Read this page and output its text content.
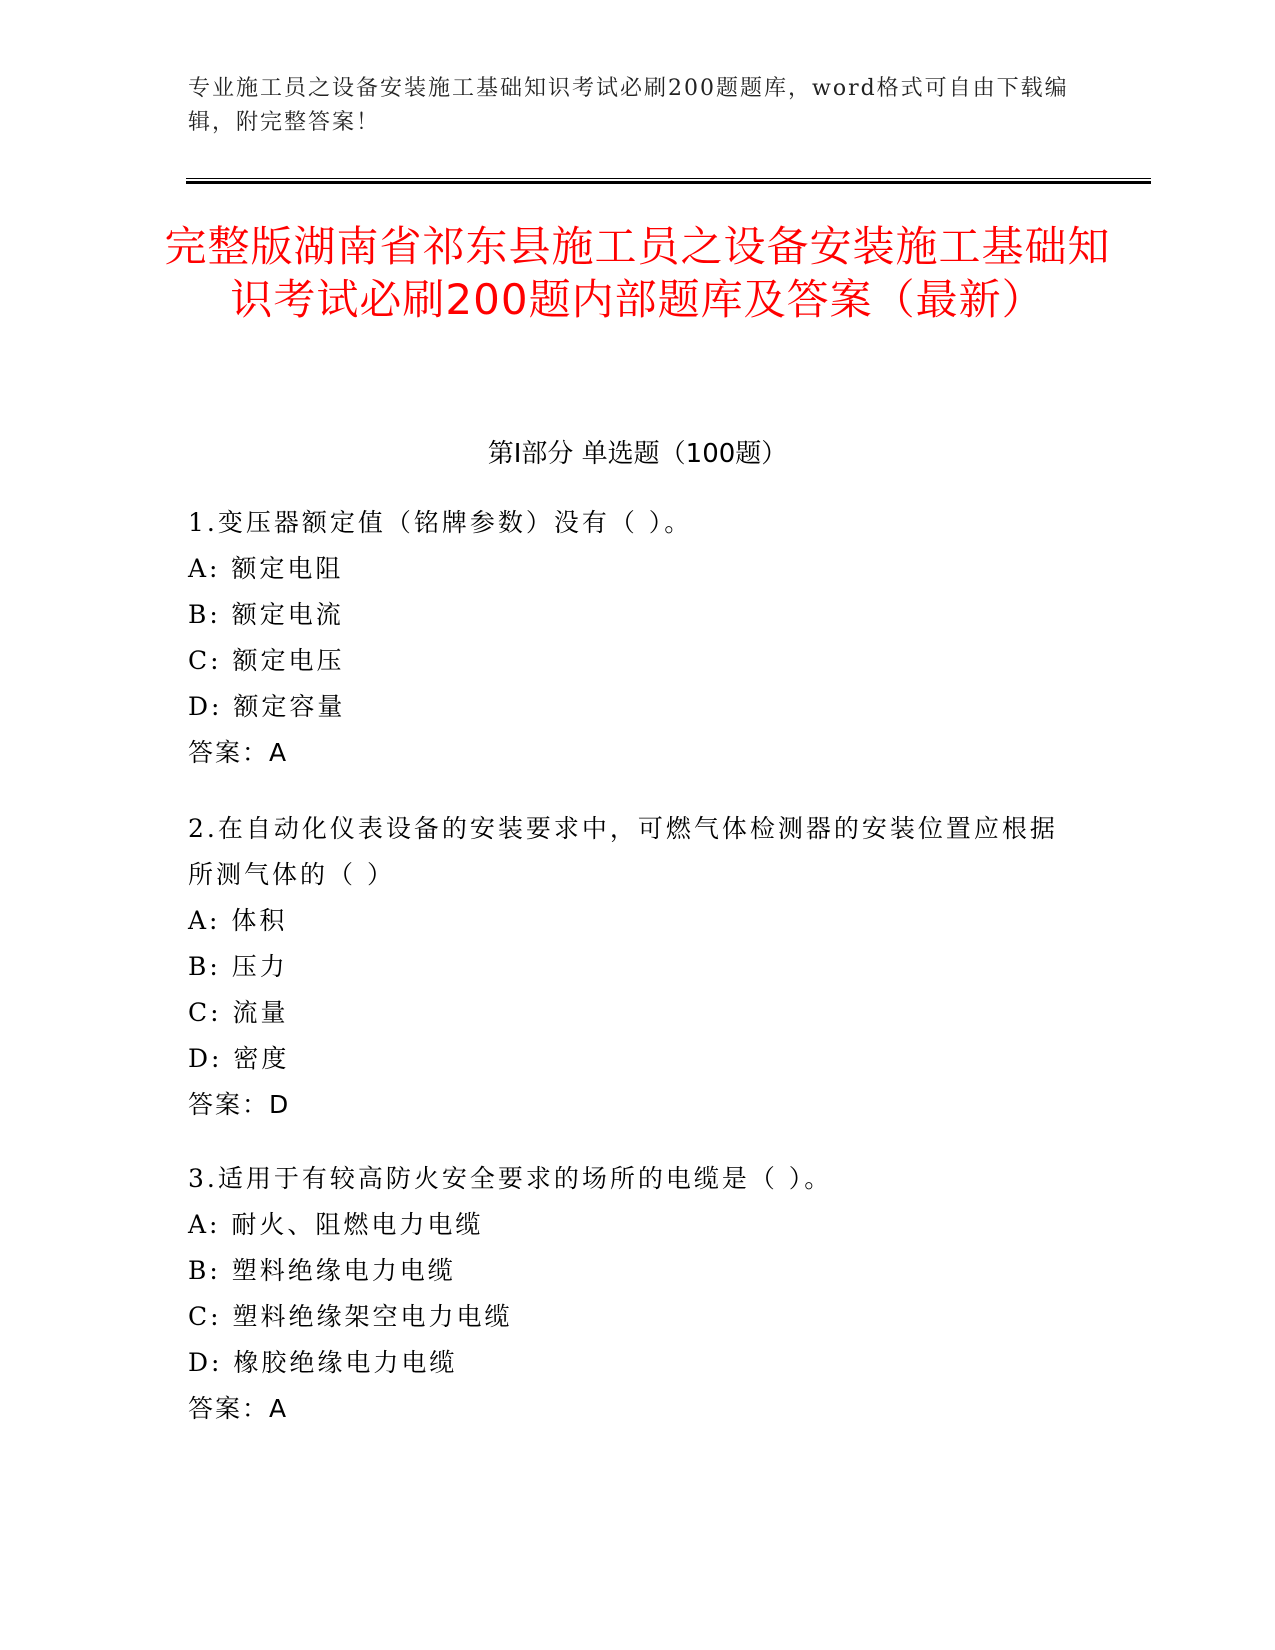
专业施工员之设备安装施工基础知识考试必刷200题题库，word格式可自由下载编辑，附完整答案！
完整版湖南省祁东县施工员之设备安装施工基础知识考试必刷200题内部题库及答案（最新）
第Ⅰ部分 单选题（100题）
1.变压器额定值（铭牌参数）没有（ ）。
A: 额定电阻
B: 额定电流
C: 额定电压
D: 额定容量
答案：A
2.在自动化仪表设备的安装要求中，可燃气体检测器的安装位置应根据所测气体的（ ）
A: 体积
B: 压力
C: 流量
D: 密度
答案：D
3.适用于有较高防火安全要求的场所的电缆是（ ）。
A: 耐火、阻燃电力电缆
B: 塑料绝缘电力电缆
C: 塑料绝缘架空电力电缆
D: 橡胶绝缘电力电缆
答案：A
